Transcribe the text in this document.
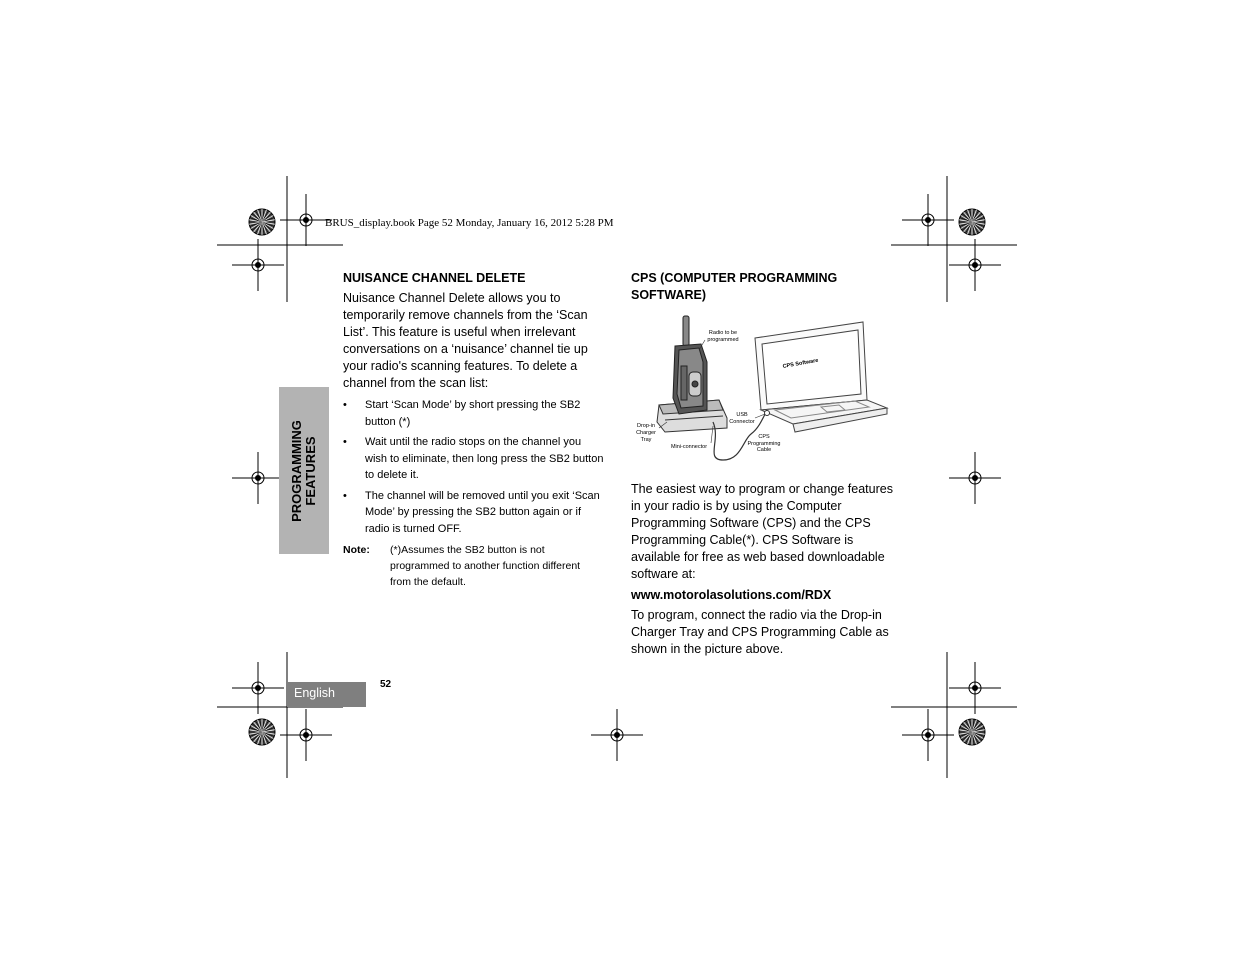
BRUS_display.book Page 52 Monday, January 16, 2012 5:28 PM
PROGRAMMING FEATURES
NUISANCE CHANNEL DELETE
Nuisance Channel Delete allows you to temporarily remove channels from the ‘Scan List’. This feature is useful when irrelevant conversations on a ‘nuisance’ channel tie up your radio's scanning features. To delete a channel from the scan list:
• Start ‘Scan Mode’ by short pressing the SB2 button (*)
• Wait until the radio stops on the channel you wish to eliminate, then long press the SB2 button to delete it.
• The channel will be removed until you exit ‘Scan Mode’ by pressing the SB2 button again or if radio is turned OFF.
Note: (*)Assumes the SB2 button is not programmed to another function different from the default.
CPS (COMPUTER PROGRAMMING
SOFTWARE)
CPS Software
Radio to be
programmed
USB
Connector
CPS
Programming
Cable
Drop-in
Charger
Tray
Mini-connector
The easiest way to program or change features in your radio is by using the Computer Programming Software (CPS) and the CPS Programming Cable(*). CPS Software is available for free as web based downloadable software at:
www.motorolasolutions.com/RDX
To program, connect the radio via the Drop-in Charger Tray and CPS Programming Cable as shown in the picture above.
English
52
